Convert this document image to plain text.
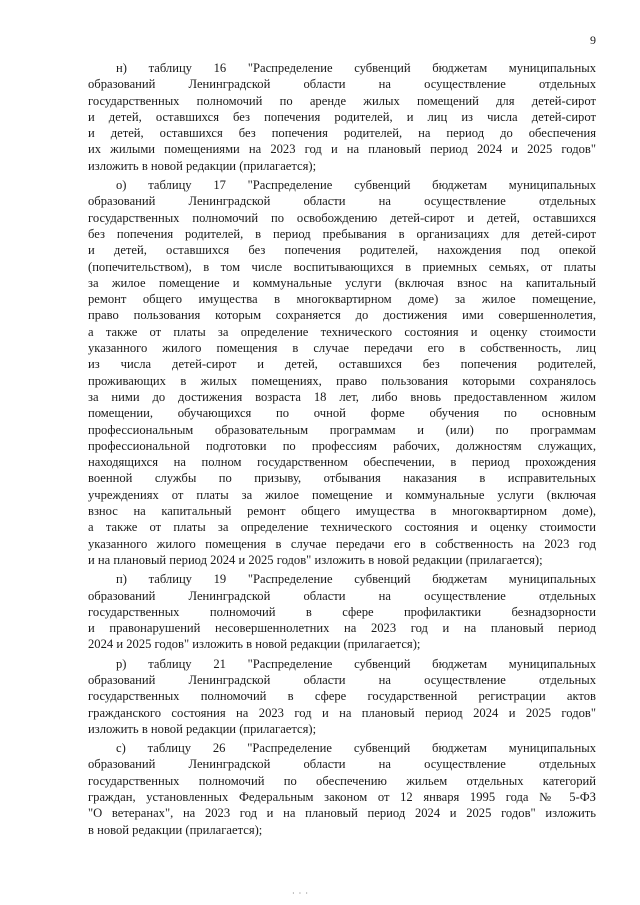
9
н) таблицу 16 "Распределение субвенций бюджетам муниципальных
образований Ленинградской области на осуществление отдельных
государственных полномочий по аренде жилых помещений для детей-сирот
и детей, оставшихся без попечения родителей, и лиц из числа детей-сирот
и детей, оставшихся без попечения родителей, на период до обеспечения
их жилыми помещениями на 2023 год и на плановый период 2024 и 2025 годов"
изложить в новой редакции (прилагается);
о) таблицу 17 "Распределение субвенций бюджетам муниципальных
образований Ленинградской области на осуществление отдельных
государственных полномочий по освобождению детей-сирот и детей, оставшихся
без попечения родителей, в период пребывания в организациях для детей-сирот
и детей, оставшихся без попечения родителей, нахождения под опекой
(попечительством), в том числе воспитывающихся в приемных семьях, от платы
за жилое помещение и коммунальные услуги (включая взнос на капитальный
ремонт общего имущества в многоквартирном доме) за жилое помещение,
право пользования которым сохраняется до достижения ими совершеннолетия,
а также от платы за определение технического состояния и оценку стоимости
указанного жилого помещения в случае передачи его в собственность, лиц
из числа детей-сирот и детей, оставшихся без попечения родителей,
проживающих в жилых помещениях, право пользования которыми сохранялось
за ними до достижения возраста 18 лет, либо вновь предоставленном жилом
помещении, обучающихся по очной форме обучения по основным
профессиональным образовательным программам и (или) по программам
профессиональной подготовки по профессиям рабочих, должностям служащих,
находящихся на полном государственном обеспечении, в период прохождения
военной службы по призыву, отбывания наказания в исправительных
учреждениях от платы за жилое помещение и коммунальные услуги (включая
взнос на капитальный ремонт общего имущества в многоквартирном доме),
а также от платы за определение технического состояния и оценку стоимости
указанного жилого помещения в случае передачи его в собственность на 2023 год
и на плановый период 2024 и 2025 годов" изложить в новой редакции (прилагается);
п) таблицу 19 "Распределение субвенций бюджетам муниципальных
образований Ленинградской области на осуществление отдельных
государственных полномочий в сфере профилактики безнадзорности
и правонарушений несовершеннолетних на 2023 год и на плановый период
2024 и 2025 годов" изложить в новой редакции (прилагается);
р) таблицу 21 "Распределение субвенций бюджетам муниципальных
образований Ленинградской области на осуществление отдельных
государственных полномочий в сфере государственной регистрации актов
гражданского состояния на 2023 год и на плановый период 2024 и 2025 годов"
изложить в новой редакции (прилагается);
с) таблицу 26 "Распределение субвенций бюджетам муниципальных
образований Ленинградской области на осуществление отдельных
государственных полномочий по обеспечению жильем отдельных категорий
граждан, установленных Федеральным законом от 12 января 1995 года № 5-ФЗ
"О ветеранах", на 2023 год и на плановый период 2024 и 2025 годов" изложить
в новой редакции (прилагается);
· · ·
